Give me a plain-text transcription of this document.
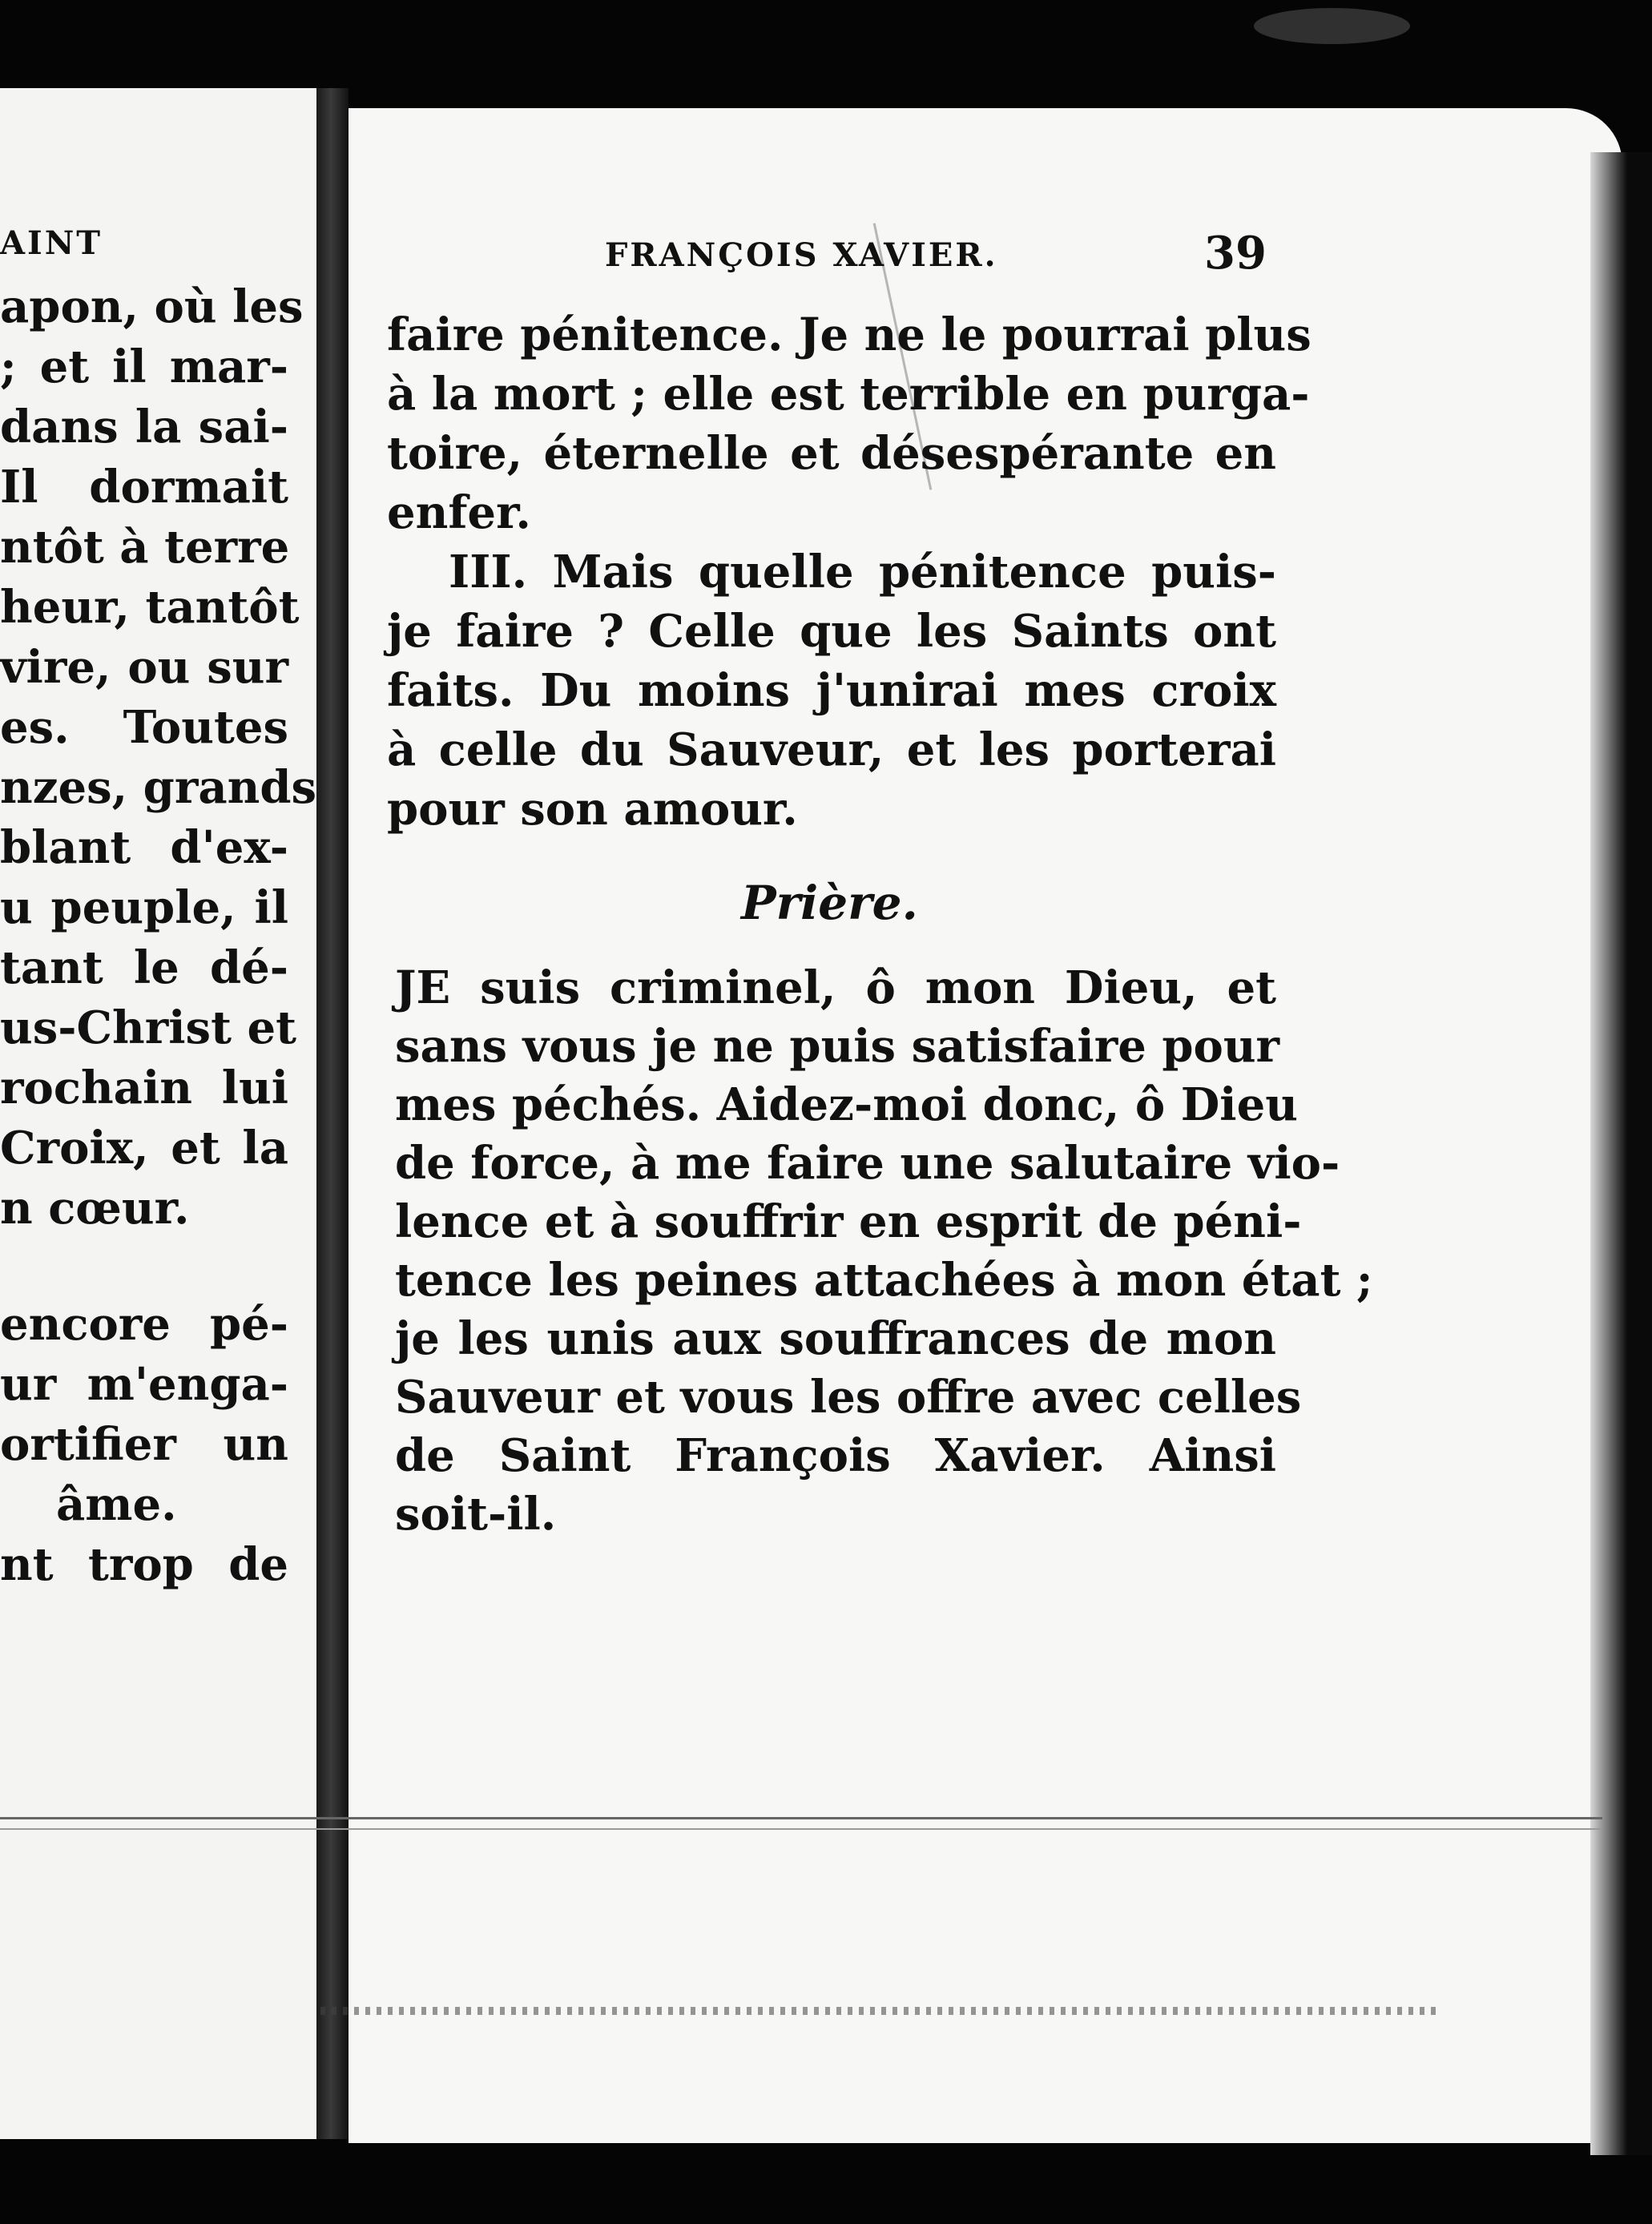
AINT
apon, où les
; et il mar-
dans la sai-
Il dormait
ntôt à terre
heur, tantôt
vire, ou sur
es. Toutes
nzes, grands
blant d'ex-
u peuple, il
tant le dé-
us-Christ et
rochain lui
Croix, et la
n cœur.
encore pé-
ur m'enga-
ortifier un
âme.
nt trop de
FRANÇOIS XAVIER.	39
faire pénitence. Je ne le pourrai plus
à la mort ; elle est terrible en purga-
toire, éternelle et désespérante en
enfer.
III. Mais quelle pénitence puis-
je faire ? Celle que les Saints ont
faits. Du moins j'unirai mes croix
à celle du Sauveur, et les porterai
pour son amour.
Prière.
JE suis criminel, ô mon Dieu, et
sans vous je ne puis satisfaire pour
mes péchés. Aidez-moi donc, ô Dieu
de force, à me faire une salutaire vio-
lence et à souffrir en esprit de péni-
tence les peines attachées à mon état ;
je les unis aux souffrances de mon
Sauveur et vous les offre avec celles
de Saint François Xavier. Ainsi
soit-il.
